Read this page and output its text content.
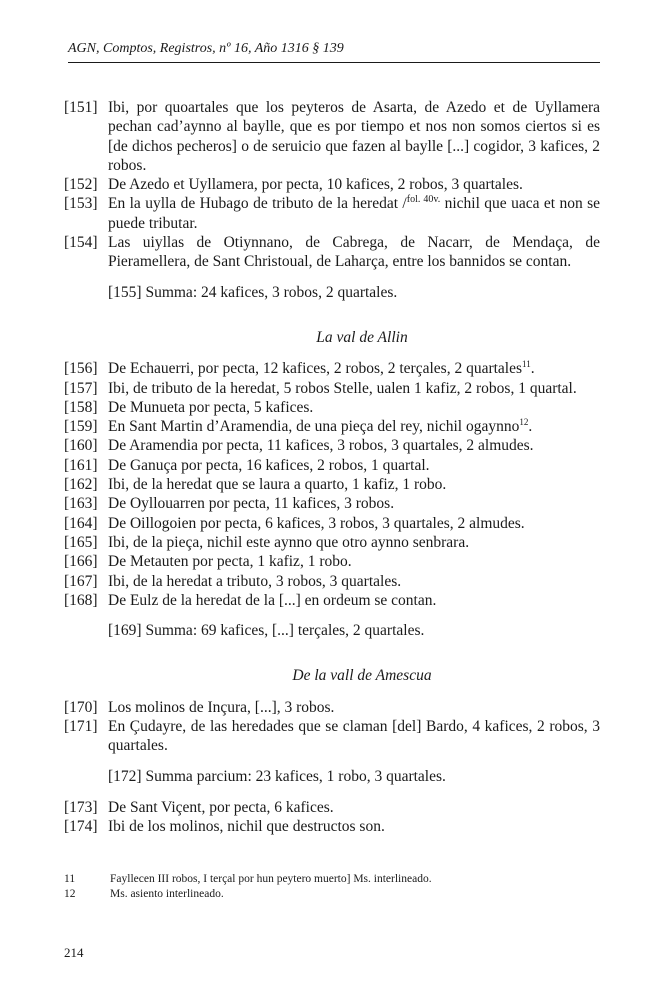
AGN, Comptos, Registros, nº 16, Año 1316 § 139
[151] Ibi, por quoartales que los peyteros de Asarta, de Azedo et de Uyllamera pechan cad’aynno al baylle, que es por tiempo et nos non somos ciertos si es [de dichos pecheros] o de seruicio que fazen al baylle [...] cogidor, 3 kafices, 2 robos.
[152] De Azedo et Uyllamera, por pecta, 10 kafices, 2 robos, 3 quartales.
[153] En la uylla de Hubago de tributo de la heredat /$^{fol. 40v.}$ nichil que uaca et non se puede tributar.
[154] Las uiyllas de Otiynnano, de Cabrega, de Nacarr, de Mendaça, de Pieramellera, de Sant Christoual, de Laharça, entre los bannidos se contan.
[155] Summa: 24 kafices, 3 robos, 2 quartales.
La val de Allin
[156] De Echauerri, por pecta, 12 kafices, 2 robos, 2 terçales, 2 quartales$^{11}$.
[157] Ibi, de tributo de la heredat, 5 robos Stelle, ualen 1 kafiz, 2 robos, 1 quartal.
[158] De Munueta por pecta, 5 kafices.
[159] En Sant Martin d’Aramendia, de una pieça del rey, nichil ogaynno$^{12}$.
[160] De Aramendia por pecta, 11 kafices, 3 robos, 3 quartales, 2 almudes.
[161] De Ganuça por pecta, 16 kafices, 2 robos, 1 quartal.
[162] Ibi, de la heredat que se laura a quarto, 1 kafiz, 1 robo.
[163] De Oyllouarren por pecta, 11 kafices, 3 robos.
[164] De Oillogoien por pecta, 6 kafices, 3 robos, 3 quartales, 2 almudes.
[165] Ibi, de la pieça, nichil este aynno que otro aynno senbrara.
[166] De Metauten por pecta, 1 kafiz, 1 robo.
[167] Ibi, de la heredat a tributo, 3 robos, 3 quartales.
[168] De Eulz de la heredat de la [...] en ordeum se contan.
[169] Summa: 69 kafices, [...] terçales, 2 quartales.
De la vall de Amescua
[170] Los molinos de Inçura, [...], 3 robos.
[171] En Çudayre, de las heredades que se claman [del] Bardo, 4 kafices, 2 robos, 3 quartales.
[172] Summa parcium: 23 kafices, 1 robo, 3 quartales.
[173] De Sant Viçent, por pecta, 6 kafices.
[174] Ibi de los molinos, nichil que destructos son.
11	Fayllecen III robos, I terçal por hun peytero muerto] Ms. interlineado.
12	Ms. asiento interlineado.
214
